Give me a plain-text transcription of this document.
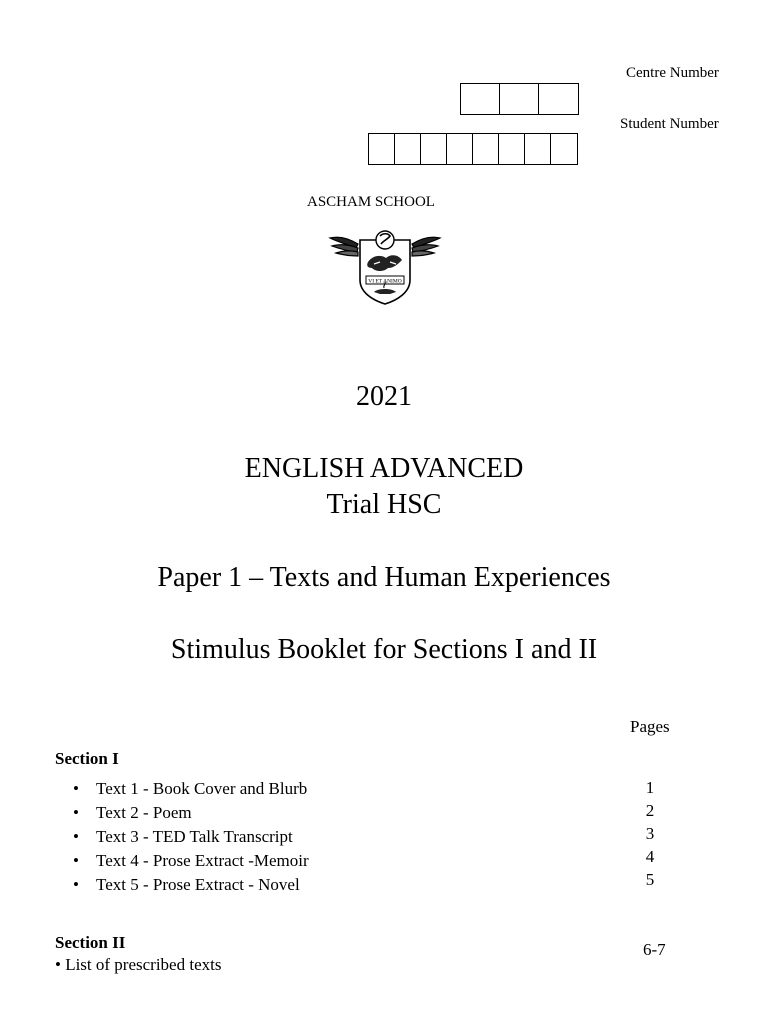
Centre Number
Student Number
ASCHAM SCHOOL
VI ET ANIMO
2021
ENGLISH ADVANCED
Trial HSC
Paper 1 – Texts and Human Experiences
Stimulus Booklet for Sections I and II
Pages
Section I
• Text 1 - Book Cover and Blurb
• Text 2 - Poem
• Text 3 - TED Talk Transcript
• Text 4 - Prose Extract -Memoir
• Text 5 - Prose Extract - Novel
1
2
3
4
5
Section II
• List of prescribed texts
6-7
